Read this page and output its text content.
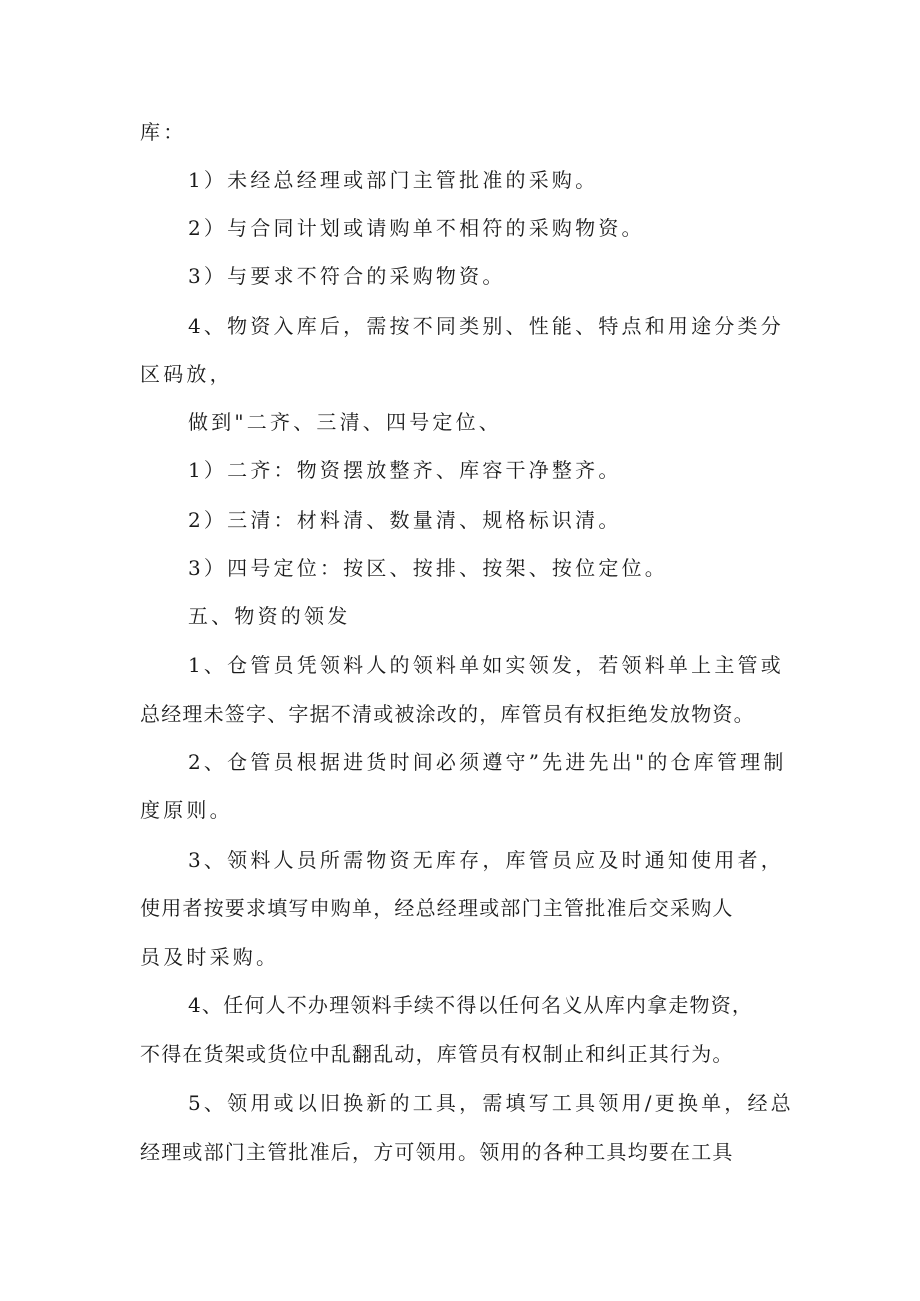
库：
1）未经总经理或部门主管批准的采购。
2）与合同计划或请购单不相符的采购物资。
3）与要求不符合的采购物资。
4、物资入库后，需按不同类别、性能、特点和用途分类分
区码放，
做到"二齐、三清、四号定位、
1）二齐：物资摆放整齐、库容干净整齐。
2）三清：材料清、数量清、规格标识清。
3）四号定位：按区、按排、按架、按位定位。
五、物资的领发
1、仓管员凭领料人的领料单如实领发，若领料单上主管或
总经理未签字、字据不清或被涂改的，库管员有权拒绝发放物资。
2、仓管员根据进货时间必须遵守”先进先出"的仓库管理制
度原则。
3、领料人员所需物资无库存，库管员应及时通知使用者，
使用者按要求填写申购单，经总经理或部门主管批准后交采购人
员及时采购。
4、任何人不办理领料手续不得以任何名义从库内拿走物资，
不得在货架或货位中乱翻乱动，库管员有权制止和纠正其行为。
5、领用或以旧换新的工具，需填写工具领用/更换单，经总
经理或部门主管批准后，方可领用。领用的各种工具均要在工具
